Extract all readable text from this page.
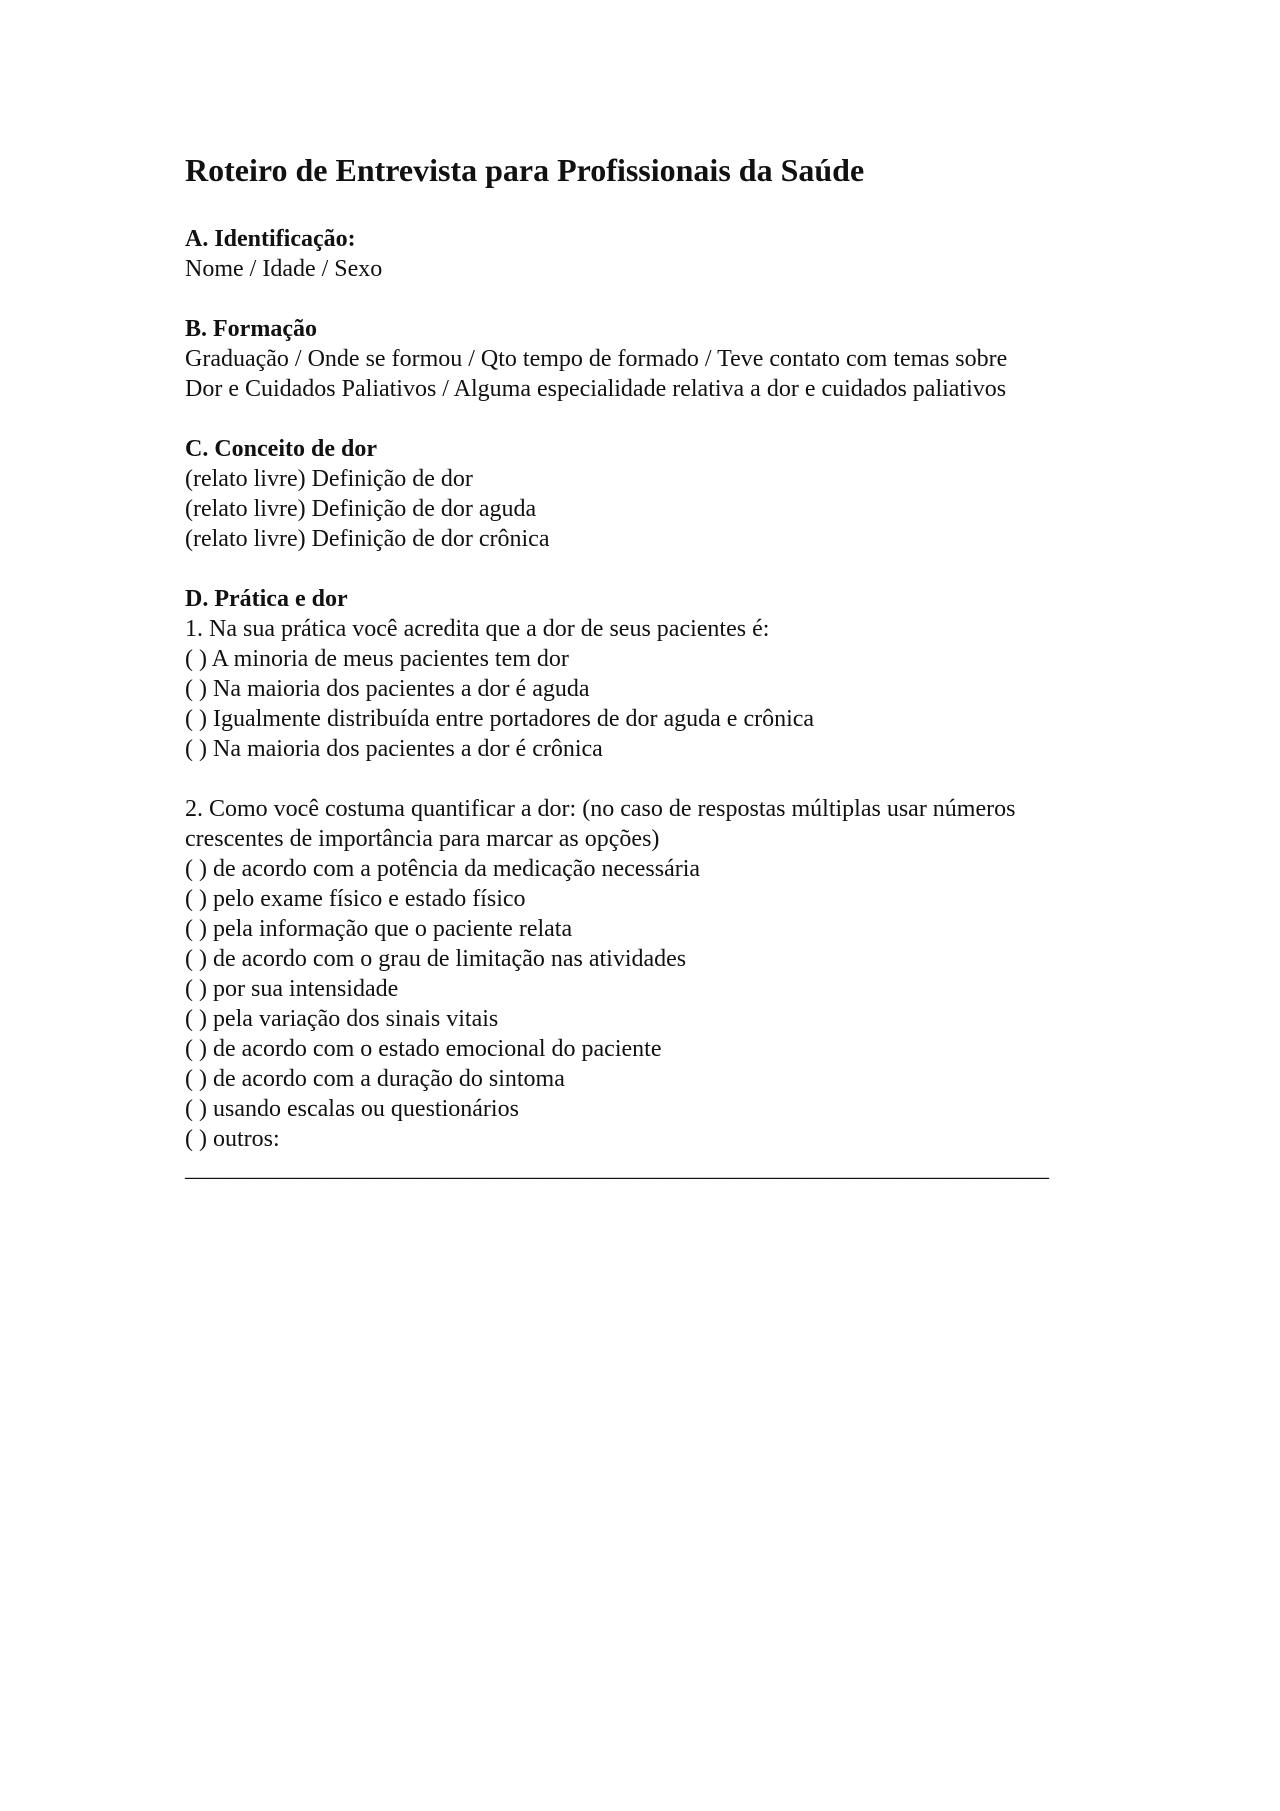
Roteiro de Entrevista para Profissionais da Saúde
A. Identificação:
Nome / Idade / Sexo
B. Formação
Graduação / Onde se formou / Qto tempo de formado / Teve contato com temas sobre
Dor e Cuidados Paliativos / Alguma especialidade relativa a dor e cuidados paliativos
C. Conceito de dor
(relato livre) Definição de dor
(relato livre) Definição de dor aguda
(relato livre) Definição de dor crônica
D. Prática e dor
1. Na sua prática você acredita que a dor de seus pacientes é:
( ) A minoria de meus pacientes tem dor
( ) Na maioria dos pacientes a dor é aguda
( ) Igualmente distribuída entre portadores de dor aguda e crônica
( ) Na maioria dos pacientes a dor é crônica
2. Como você costuma quantificar a dor: (no caso de respostas múltiplas usar números
crescentes de importância para marcar as opções)
( ) de acordo com a potência da medicação necessária
( ) pelo exame físico e estado físico
( ) pela informação que o paciente relata
( ) de acordo com o grau de limitação nas atividades
( ) por sua intensidade
( ) pela variação dos sinais vitais
( ) de acordo com o estado emocional do paciente
( ) de acordo com a duração do sintoma
( ) usando escalas ou questionários
( ) outros:
________________________________________________________________________
